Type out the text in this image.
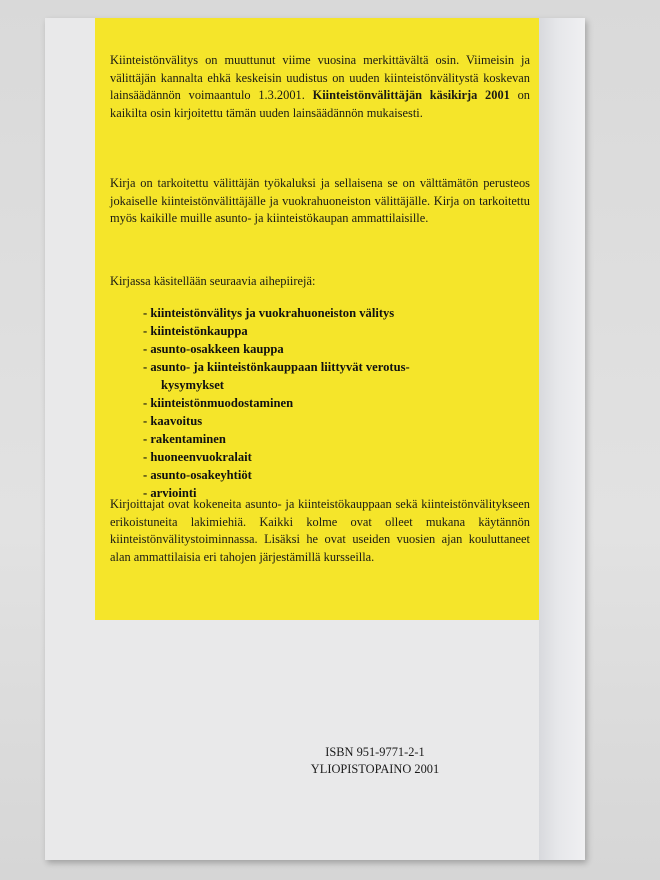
Kiinteistönvälitys on muuttunut viime vuosina merkittävältä osin. Viimeisin ja välittäjän kannalta ehkä keskeisin uudistus on uuden kiinteistönvälitystä koskevan lainsäädännön voimaantulo 1.3.2001. Kiinteistönvälittäjän käsikirja 2001 on kaikilta osin kirjoitettu tämän uuden lainsäädännön mukaisesti.

Kirja on tarkoitettu välittäjän työkaluksi ja sellaisena se on välttämätön perusteos jokaiselle kiinteistönvälittäjälle ja vuokrahuoneiston välittäjälle. Kirja on tarkoitettu myös kaikille muille asunto- ja kiinteistökaupan ammattilaisille.

Kirjassa käsitellään seuraavia aihepiirejä:

- kiinteistönvälitys ja vuokrahuoneiston välitys
- kiinteistönkauppa
- asunto-osakkeen kauppa
- asunto- ja kiinteistönkauppaan liittyvät verotus-
kysymykset
- kiinteistönmuodostaminen
- kaavoitus
- rakentaminen
- huoneenvuokralait
- asunto-osakeyhtiöt
- arviointi

Kirjoittajat ovat kokeneita asunto- ja kiinteistökauppaan sekä kiinteistönvälitykseen erikoistuneita lakimiehiä. Kaikki kolme ovat olleet mukana käytännön kiinteistönvälitystoiminnassa. Lisäksi he ovat useiden vuosien ajan kouluttaneet alan ammattilaisia eri tahojen järjestämillä kursseilla.

ISBN 951-9771-2-1
YLIOPISTOPAINO 2001
